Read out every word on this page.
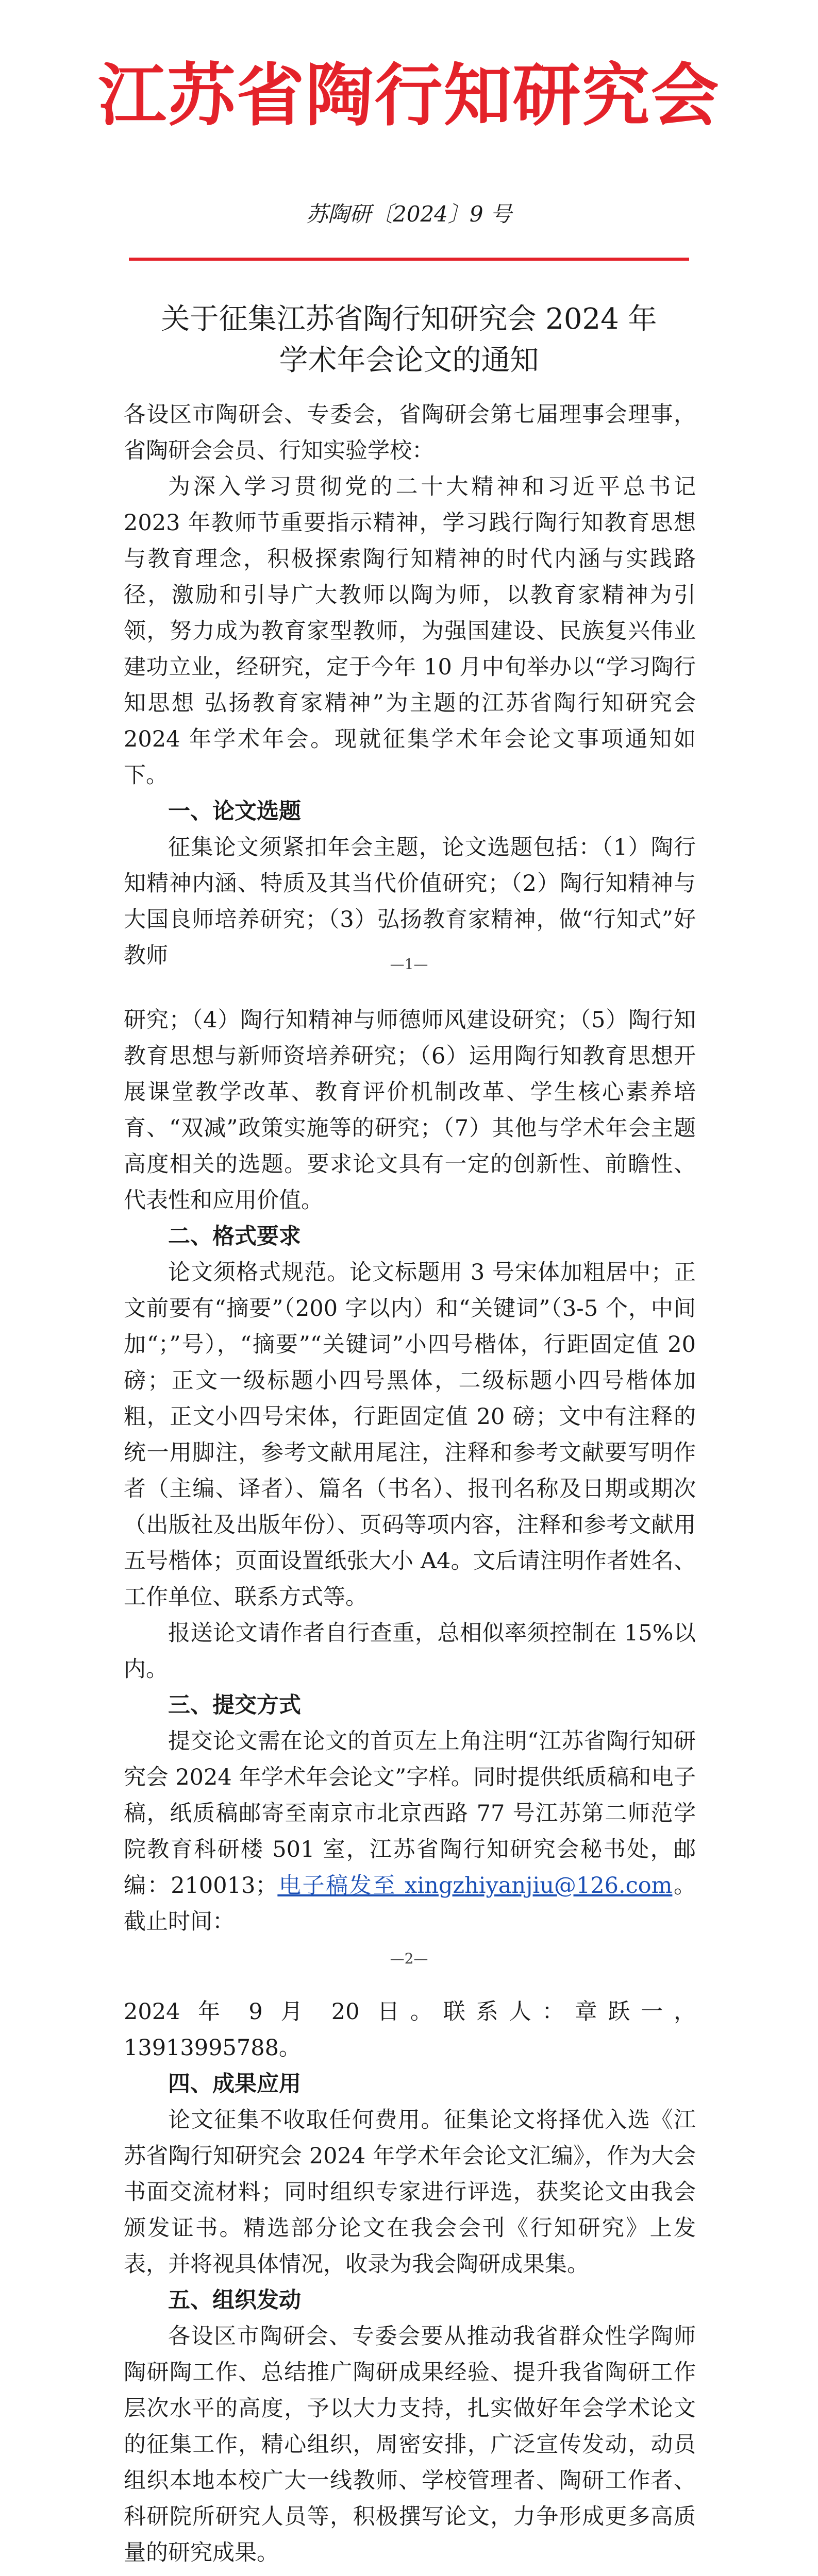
江苏省陶行知研究会
苏陶研〔2024〕9 号
关于征集江苏省陶行知研究会 2024 年
学术年会论文的通知

各设区市陶研会、专委会，省陶研会第七届理事会理事，省陶研会会员、行知实验学校：

为深入学习贯彻党的二十大精神和习近平总书记 2023 年教师节重要指示精神，学习践行陶行知教育思想与教育理念，积极探索陶行知精神的时代内涵与实践路径，激励和引导广大教师以陶为师，以教育家精神为引领，努力成为教育家型教师，为强国建设、民族复兴伟业建功立业，经研究，定于今年 10 月中旬举办以“学习陶行知思想 弘扬教育家精神”为主题的江苏省陶行知研究会 2024 年学术年会。现就征集学术年会论文事项通知如下。

一、论文选题

征集论文须紧扣年会主题，论文选题包括：（1）陶行知精神内涵、特质及其当代价值研究；（2）陶行知精神与大国良师培养研究；（3）弘扬教育家精神，做“行知式”好教师	—1—

研究；（4）陶行知精神与师德师风建设研究；（5）陶行知教育思想与新师资培养研究；（6）运用陶行知教育思想开展课堂教学改革、教育评价机制改革、学生核心素养培育、“双减”政策实施等的研究；（7）其他与学术年会主题高度相关的选题。要求论文具有一定的创新性、前瞻性、代表性和应用价值。

二、格式要求

论文须格式规范。论文标题用 3 号宋体加粗居中；正文前要有“摘要”（200 字以内）和“关键词”（3-5 个，中间加“；”号），“摘要”“关键词”小四号楷体，行距固定值 20 磅；正文一级标题小四号黑体，二级标题小四号楷体加粗，正文小四号宋体，行距固定值 20 磅；文中有注释的统一用脚注，参考文献用尾注，注释和参考文献要写明作者（主编、译者）、篇名（书名）、报刊名称及日期或期次（出版社及出版年份）、页码等项内容，注释和参考文献用五号楷体；页面设置纸张大小 A4。文后请注明作者姓名、工作单位、联系方式等。

报送论文请作者自行查重，总相似率须控制在 15%以内。

三、提交方式

提交论文需在论文的首页左上角注明“江苏省陶行知研究会 2024 年学术年会论文”字样。同时提供纸质稿和电子稿，纸质稿邮寄至南京市北京西路 77 号江苏第二师范学院教育科研楼 501 室，江苏省陶行知研究会秘书处，邮编：210013；电子稿发至 xingzhiyanjiu@126.com。截止时间：

—2—

2024 年 9 月 20 日。联系人：章跃一，13913995788。

四、成果应用

论文征集不收取任何费用。征集论文将择优入选《江苏省陶行知研究会 2024 年学术年会论文汇编》，作为大会书面交流材料；同时组织专家进行评选，获奖论文由我会颁发证书。精选部分论文在我会会刊《行知研究》上发表，并将视具体情况，收录为我会陶研成果集。

五、组织发动

各设区市陶研会、专委会要从推动我省群众性学陶师陶研陶工作、总结推广陶研成果经验、提升我省陶研工作层次水平的高度，予以大力支持，扎实做好年会学术论文的征集工作，精心组织，周密安排，广泛宣传发动，动员组织本地本校广大一线教师、学校管理者、陶研工作者、科研院所研究人员等，积极撰写论文，力争形成更多高质量的研究成果。
